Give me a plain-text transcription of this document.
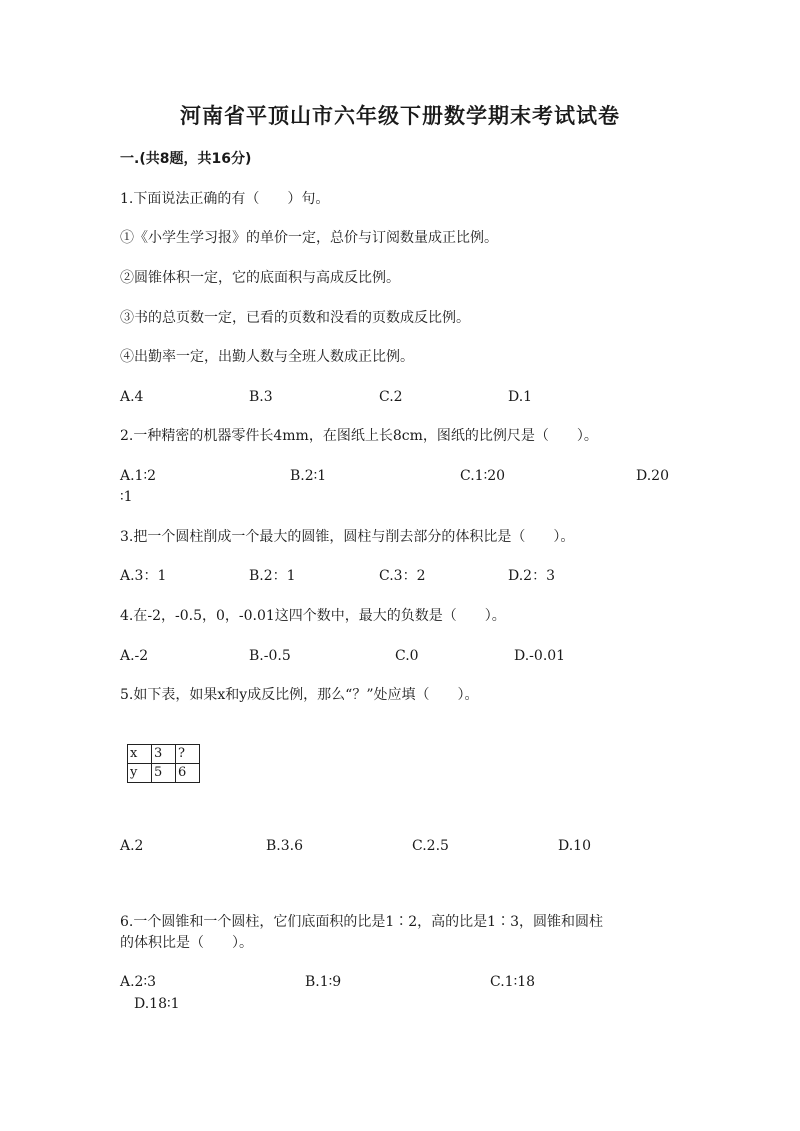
河南省平顶山市六年级下册数学期末考试试卷
一.(共8题，共16分)
1.下面说法正确的有（　　）句。
①《小学生学习报》的单价一定，总价与订阅数量成正比例。
②圆锥体积一定，它的底面积与高成反比例。
③书的总页数一定，已看的页数和没看的页数成反比例。
④出勤率一定，出勤人数与全班人数成正比例。
A.4	B.3	C.2	D.1
2.一种精密的机器零件长4mm，在图纸上长8cm，图纸的比例尺是（　　）。
A.1∶2	B.2∶1	C.1∶20	D.20
∶1
3.把一个圆柱削成一个最大的圆锥，圆柱与削去部分的体积比是（　　）。
A.3：1	B.2：1	C.3：2	D.2：3
4.在-2，-0.5，0，-0.01这四个数中，最大的负数是（　　）。
A.-2	B.-0.5	C.0	D.-0.01
5.如下表，如果x和y成反比例，那么“？”处应填（　　）。
x	3	?
y	5	6
A.2	B.3.6	C.2.5	D.10
6.一个圆锥和一个圆柱，它们底面积的比是1∶2，高的比是1∶3，圆锥和圆柱
的体积比是（　　）。
A.2∶3	B.1∶9	C.1∶18
D.18∶1
